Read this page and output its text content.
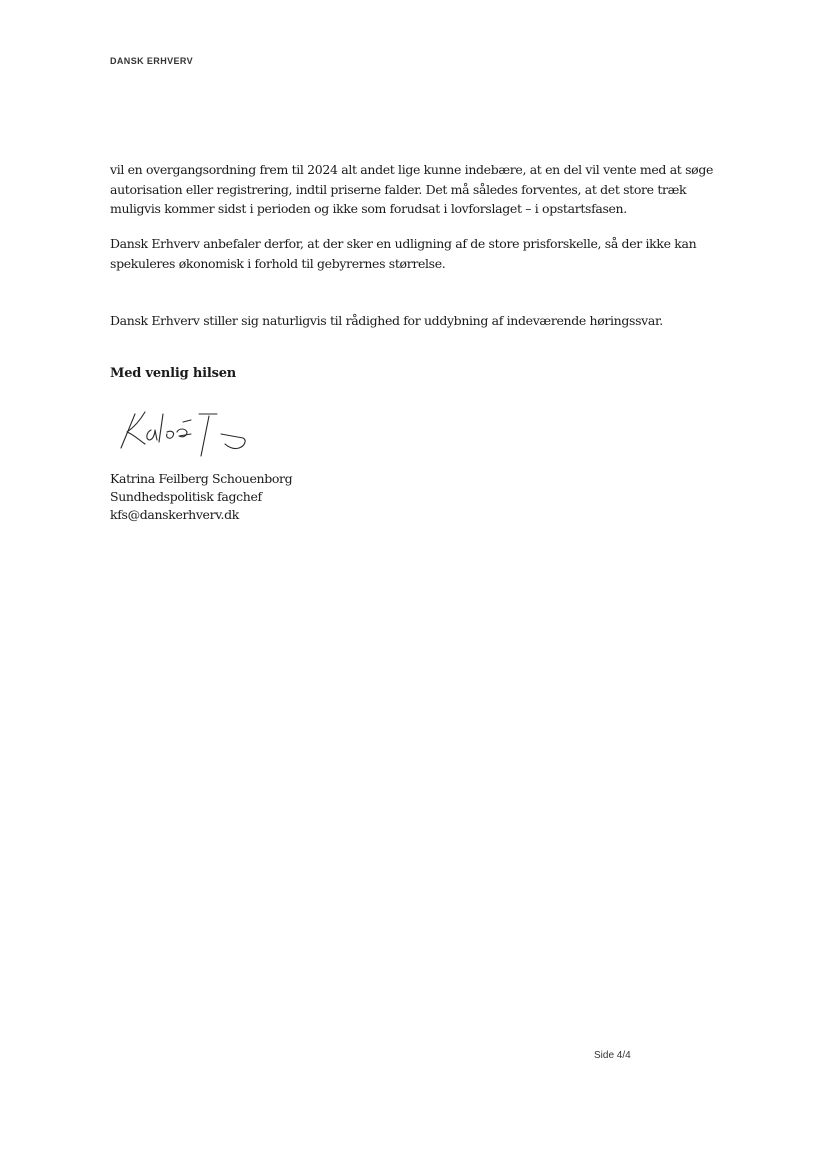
DANSK ERHVERV

vil en overgangsordning frem til 2024 alt andet lige kunne indebære, at en del vil vente med at søge autorisation eller registrering, indtil priserne falder. Det må således forventes, at det store træk muligvis kommer sidst i perioden og ikke som forudsat i lovforslaget – i opstartsfasen.

Dansk Erhverv anbefaler derfor, at der sker en udligning af de store prisforskelle, så der ikke kan spekuleres økonomisk i forhold til gebyrernes størrelse.

Dansk Erhverv stiller sig naturligvis til rådighed for uddybning af indeværende høringssvar.

Med venlig hilsen
Katrina Feilberg Schouenborg
Sundhedspolitisk fagchef
kfs@danskerhverv.dk
Side 4/4
